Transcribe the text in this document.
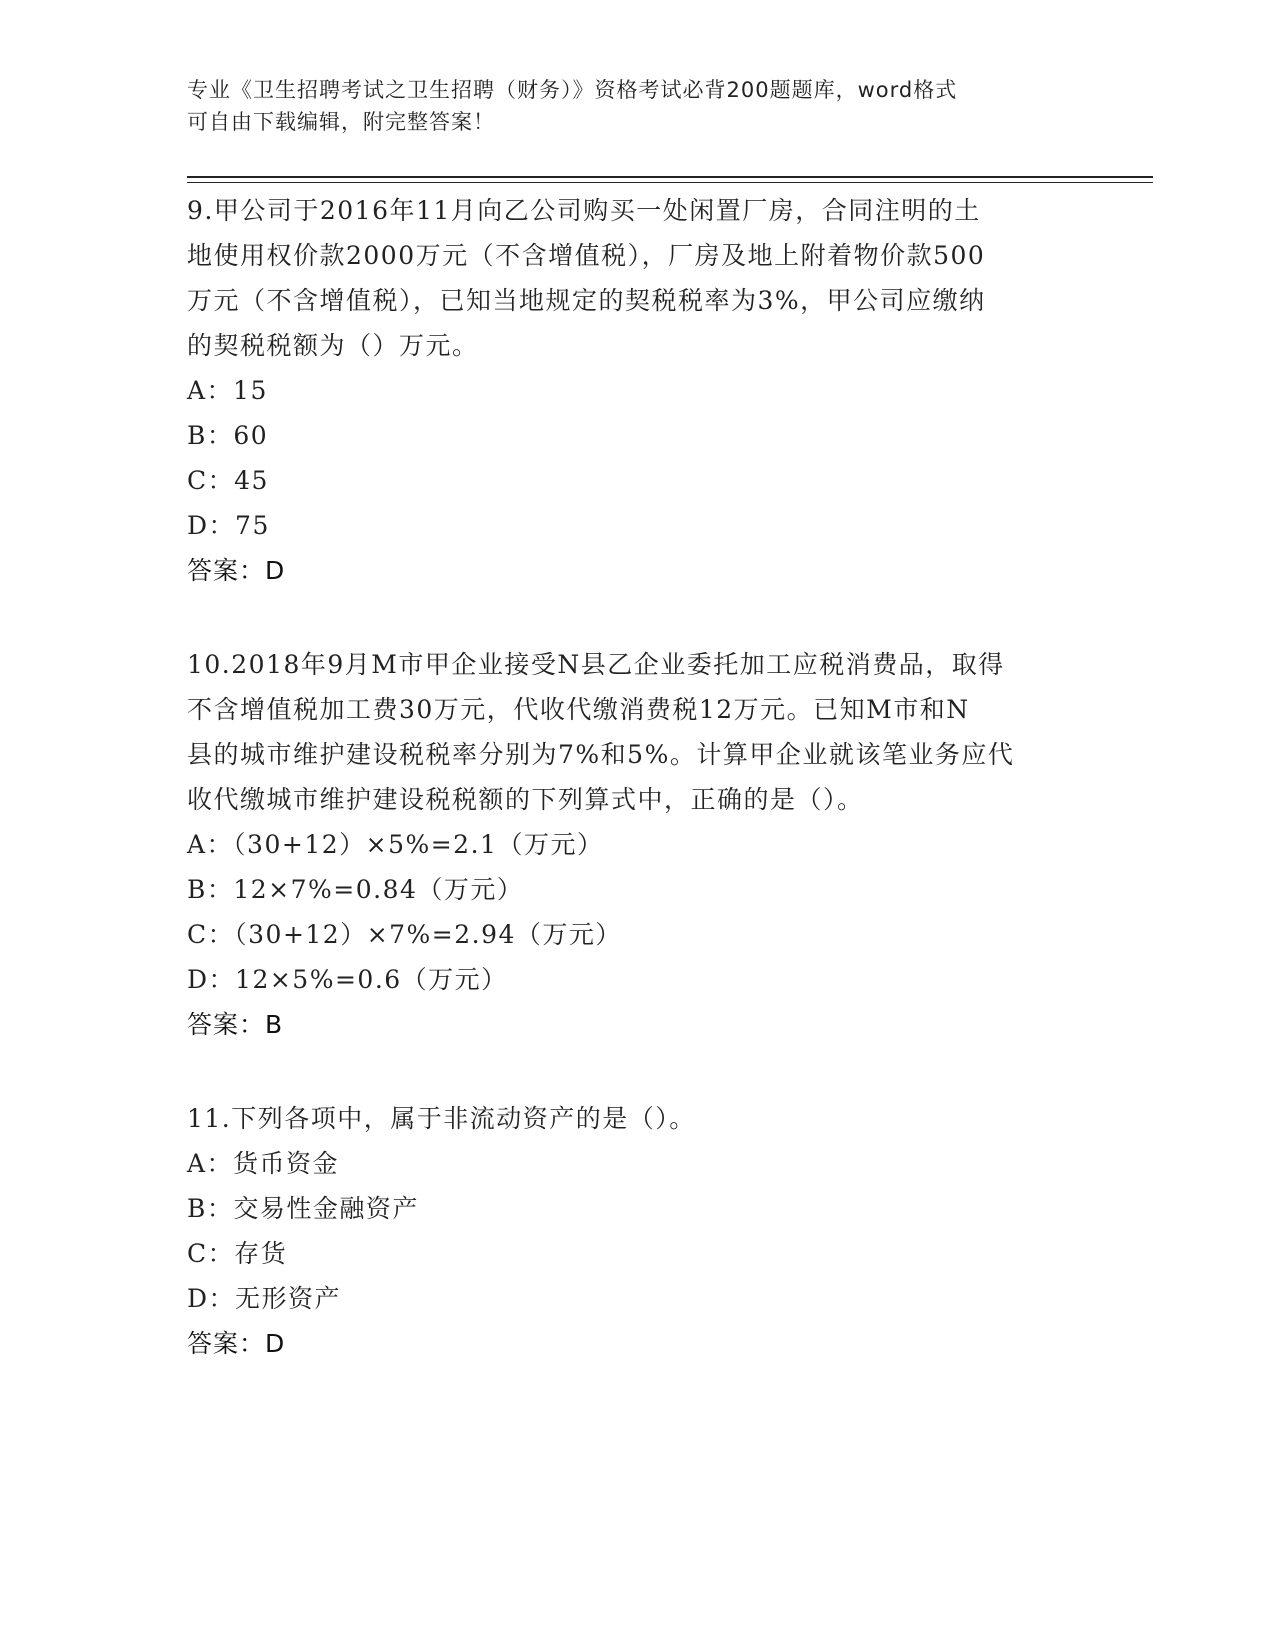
专业《卫生招聘考试之卫生招聘（财务）》资格考试必背200题题库，word格式
可自由下载编辑，附完整答案！
9.甲公司于2016年11月向乙公司购买一处闲置厂房，合同注明的土
地使用权价款2000万元（不含增值税），厂房及地上附着物价款500
万元（不含增值税），已知当地规定的契税税率为3%，甲公司应缴纳
的契税税额为（）万元。
A：15
B：60
C：45
D：75
答案：D
10.2018年9月M市甲企业接受N县乙企业委托加工应税消费品，取得
不含增值税加工费30万元，代收代缴消费税12万元。已知M市和N
县的城市维护建设税税率分别为7%和5%。计算甲企业就该笔业务应代
收代缴城市维护建设税税额的下列算式中，正确的是（）。
A：（30+12）×5%=2.1（万元）
B：12×7%=0.84（万元）
C：（30+12）×7%=2.94（万元）
D：12×5%=0.6（万元）
答案：B
11.下列各项中，属于非流动资产的是（）。
A：货币资金
B：交易性金融资产
C：存货
D：无形资产
答案：D
